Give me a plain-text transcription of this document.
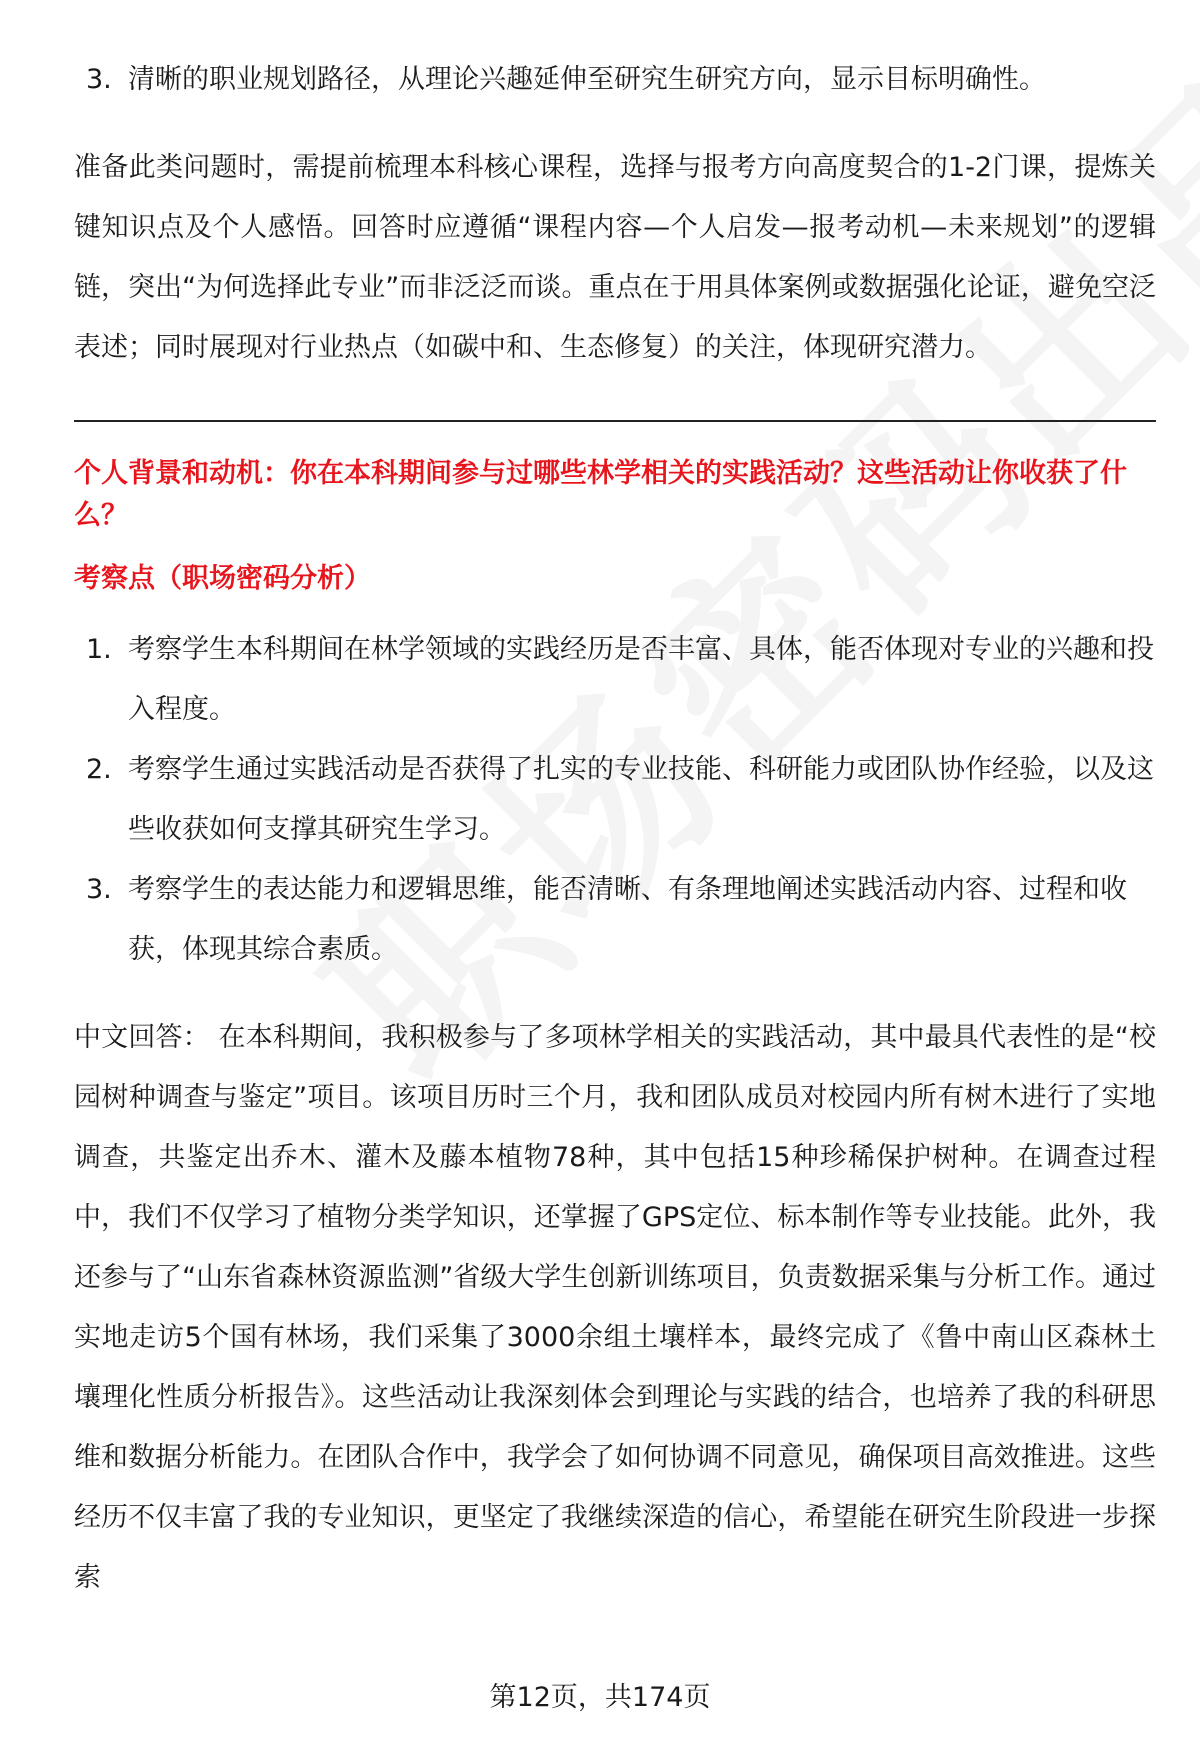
3. 清晰的职业规划路径，从理论兴趣延伸至研究生研究方向，显示目标明确性。

准备此类问题时，需提前梳理本科核心课程，选择与报考方向高度契合的1-2门课，提炼关键知识点及个人感悟。回答时应遵循“课程内容—个人启发—报考动机—未来规划”的逻辑链，突出“为何选择此专业”而非泛泛而谈。重点在于用具体案例或数据强化论证，避免空泛表述；同时展现对行业热点（如碳中和、生态修复）的关注，体现研究潜力。

个人背景和动机：你在本科期间参与过哪些林学相关的实践活动？这些活动让你收获了什么？

考察点（职场密码分析）

1. 考察学生本科期间在林学领域的实践经历是否丰富、具体，能否体现对专业的兴趣和投入程度。
2. 考察学生通过实践活动是否获得了扎实的专业技能、科研能力或团队协作经验，以及这些收获如何支撑其研究生学习。
3. 考察学生的表达能力和逻辑思维，能否清晰、有条理地阐述实践活动内容、过程和收获，体现其综合素质。

中文回答： 在本科期间，我积极参与了多项林学相关的实践活动，其中最具代表性的是“校园树种调查与鉴定”项目。该项目历时三个月，我和团队成员对校园内所有树木进行了实地调查，共鉴定出乔木、灌木及藤本植物78种，其中包括15种珍稀保护树种。在调查过程中，我们不仅学习了植物分类学知识，还掌握了GPS定位、标本制作等专业技能。此外，我还参与了“山东省森林资源监测”省级大学生创新训练项目，负责数据采集与分析工作。通过实地走访5个国有林场，我们采集了3000余组土壤样本，最终完成了《鲁中南山区森林土壤理化性质分析报告》。这些活动让我深刻体会到理论与实践的结合，也培养了我的科研思维和数据分析能力。在团队合作中，我学会了如何协调不同意见，确保项目高效推进。这些经历不仅丰富了我的专业知识，更坚定了我继续深造的信心，希望能在研究生阶段进一步探索

第12页，共174页
